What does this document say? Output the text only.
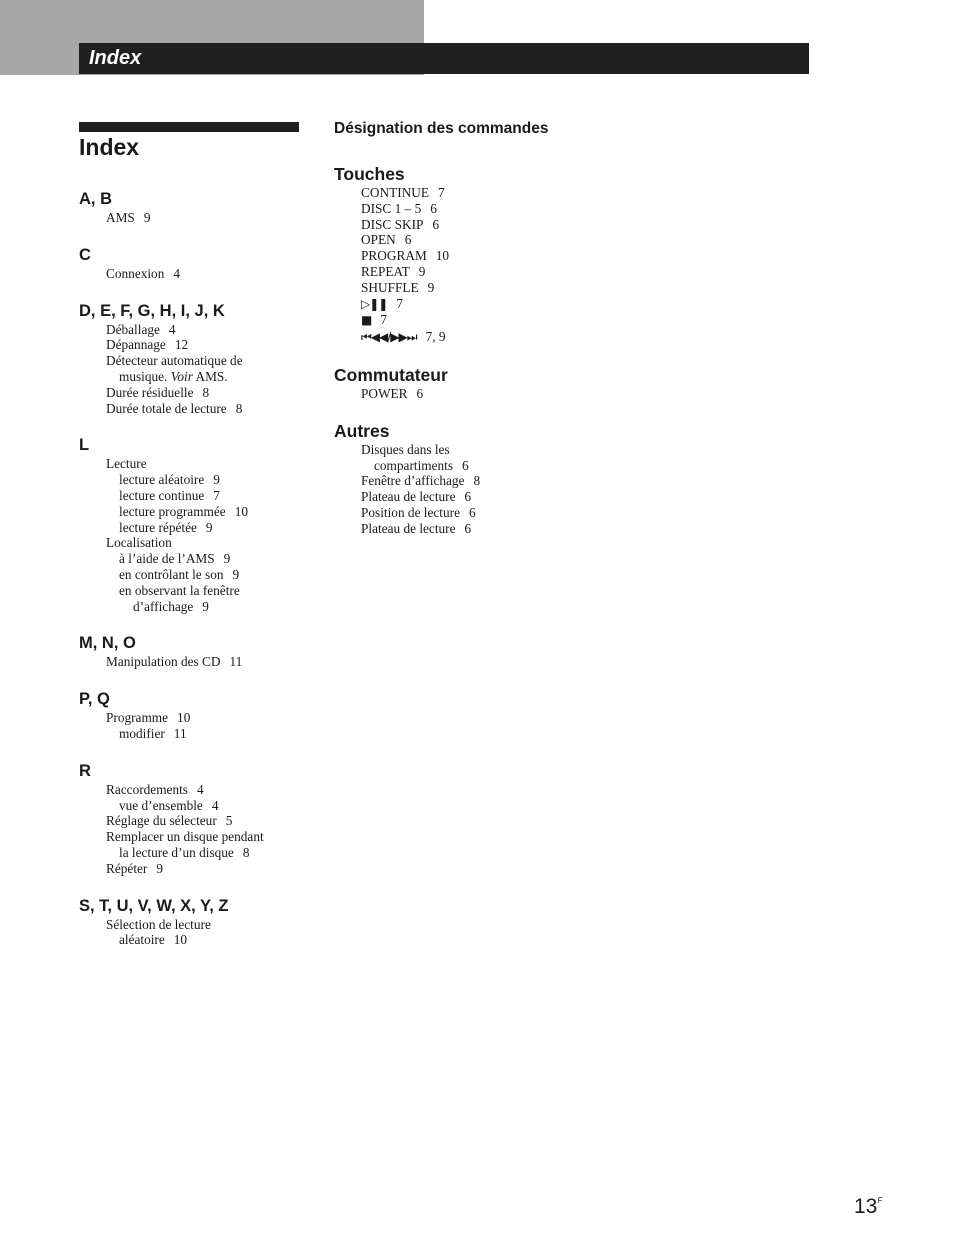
Index
Index
A, B
AMS 9
C
Connexion 4
D, E, F, G, H, I, J, K
Déballage 4
Dépannage 12
Détecteur automatique de
musique. Voir AMS.
Durée résiduelle 8
Durée totale de lecture 8
L
Lecture
lecture aléatoire 9
lecture continue 7
lecture programmée 10
lecture répétée 9
Localisation
à l’aide de l’AMS 9
en contrôlant le son 9
en observant la fenêtre
d’affichage 9
M, N, O
Manipulation des CD 11
P, Q
Programme 10
modifier 11
R
Raccordements 4
vue d’ensemble 4
Réglage du sélecteur 5
Remplacer un disque pendant
la lecture d’un disque 8
Répéter 9
S, T, U, V, W, X, Y, Z
Sélection de lecture
aléatoire 10
Désignation des commandes
Touches
CONTINUE 7
DISC 1 – 5 6
DISC SKIP 6
OPEN 6
PROGRAM 10
REPEAT 9
SHUFFLE 9
▷❚❚ 7
■ 7
⏮◀◀/▶▶⏭ 7, 9
Commutateur
POWER 6
Autres
Disques dans les
compartiments 6
Fenêtre d’affichage 8
Plateau de lecture 6
Position de lecture 6
Plateau de lecture 6
$13^F$
